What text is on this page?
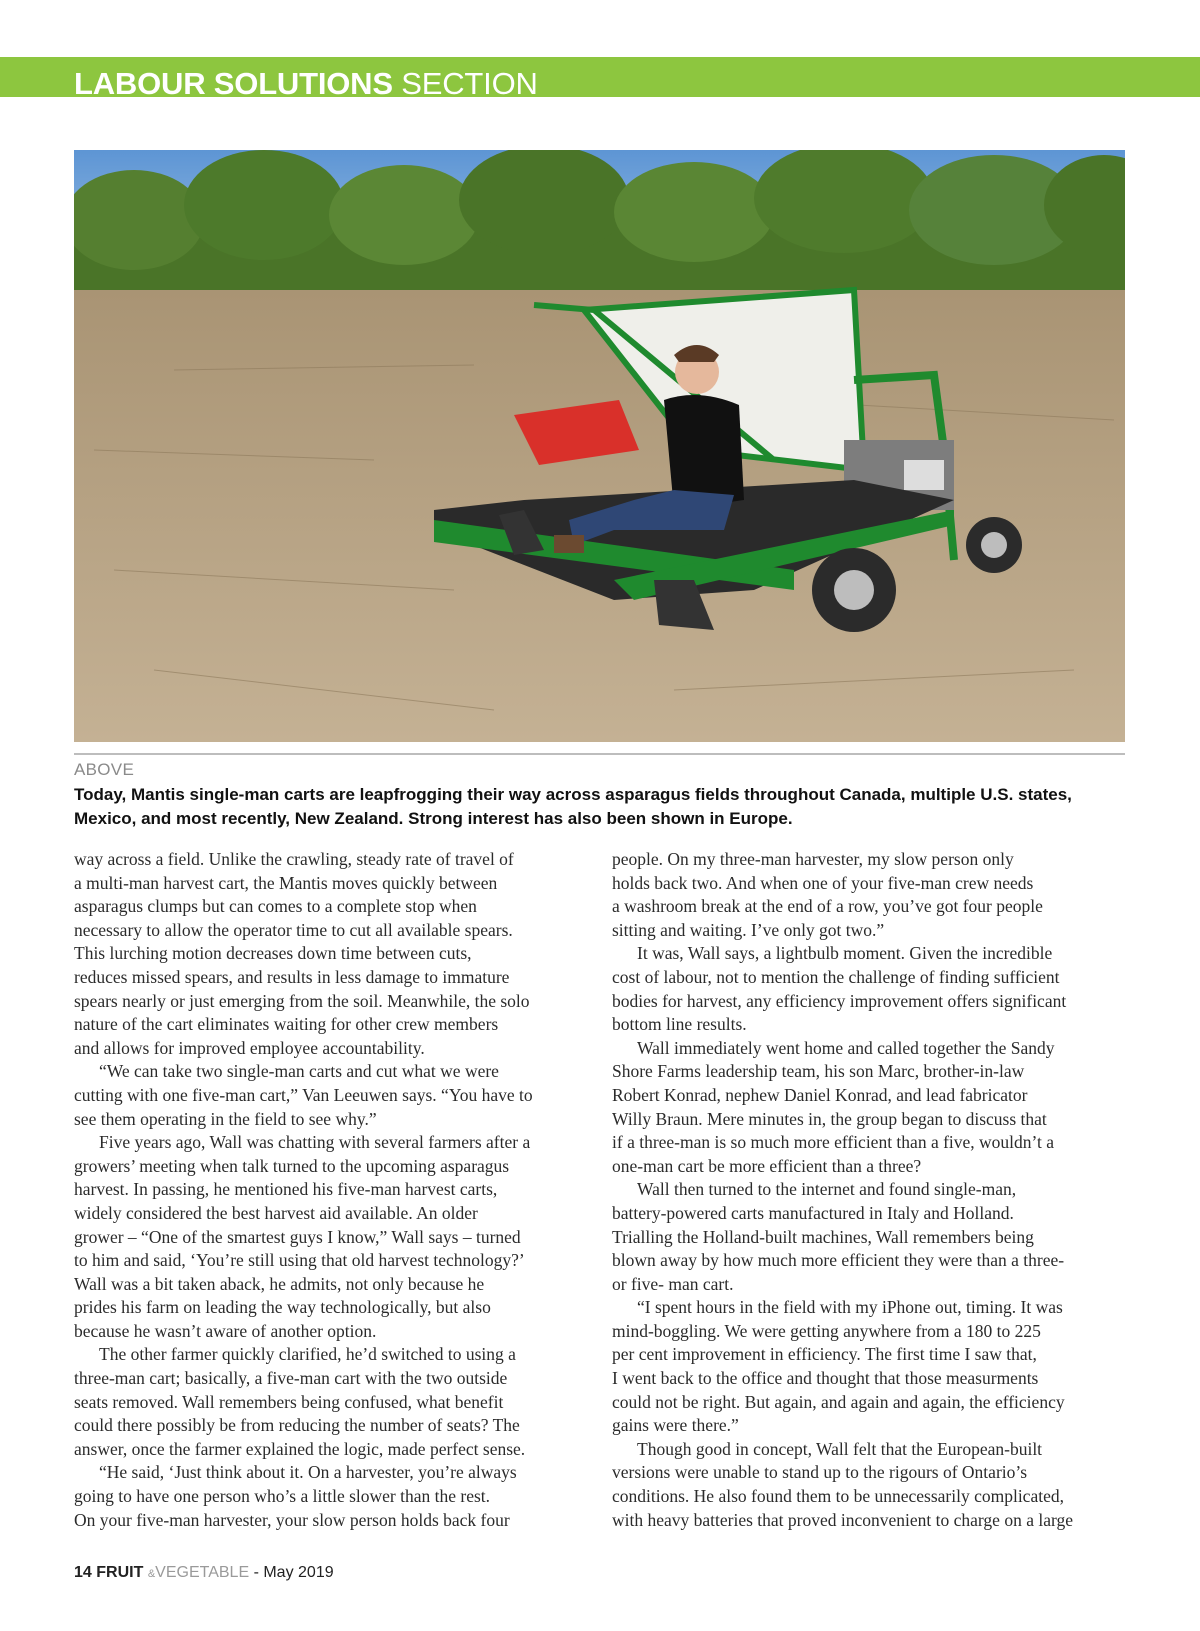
LABOUR SOLUTIONS SECTION
ABOVE
Today, Mantis single-man carts are leapfrogging their way across asparagus fields throughout Canada, multiple U.S. states, Mexico, and most recently, New Zealand. Strong interest has also been shown in Europe.

way across a field. Unlike the crawling, steady rate of travel of

a multi-man harvest cart, the Mantis moves quickly between

asparagus clumps but can comes to a complete stop when

necessary to allow the operator time to cut all available spears.

This lurching motion decreases down time between cuts,

reduces missed spears, and results in less damage to immature

spears nearly or just emerging from the soil. Meanwhile, the solo

nature of the cart eliminates waiting for other crew members

and allows for improved employee accountability.

“We can take two single-man carts and cut what we were

cutting with one five-man cart,” Van Leeuwen says. “You have to

see them operating in the field to see why.”

Five years ago, Wall was chatting with several farmers after a

growers’ meeting when talk turned to the upcoming asparagus

harvest. In passing, he mentioned his five-man harvest carts,

widely considered the best harvest aid available. An older

grower – “One of the smartest guys I know,” Wall says – turned

to him and said, ‘You’re still using that old harvest technology?’

Wall was a bit taken aback, he admits, not only because he

prides his farm on leading the way technologically, but also

because he wasn’t aware of another option.

The other farmer quickly clarified, he’d switched to using a

three-man cart; basically, a five-man cart with the two outside

seats removed. Wall remembers being confused, what benefit

could there possibly be from reducing the number of seats? The

answer, once the farmer explained the logic, made perfect sense.

“He said, ‘Just think about it. On a harvester, you’re always

going to have one person who’s a little slower than the rest.

On your five-man harvester, your slow person holds back four

people. On my three-man harvester, my slow person only

holds back two. And when one of your five-man crew needs

a washroom break at the end of a row, you’ve got four people

sitting and waiting. I’ve only got two.”

It was, Wall says, a lightbulb moment. Given the incredible

cost of labour, not to mention the challenge of finding sufficient

bodies for harvest, any efficiency improvement offers significant

bottom line results.

Wall immediately went home and called together the Sandy

Shore Farms leadership team, his son Marc, brother-in-law

Robert Konrad, nephew Daniel Konrad, and lead fabricator

Willy Braun. Mere minutes in, the group began to discuss that

if a three-man is so much more efficient than a five, wouldn’t a

one-man cart be more efficient than a three?

Wall then turned to the internet and found single-man,

battery-powered carts manufactured in Italy and Holland.

Trialling the Holland-built machines, Wall remembers being

blown away by how much more efficient they were than a three-

or five- man cart.

“I spent hours in the field with my iPhone out, timing. It was

mind-boggling. We were getting anywhere from a 180 to 225

per cent improvement in efficiency. The first time I saw that,

I went back to the office and thought that those measurments

could not be right. But again, and again and again, the efficiency

gains were there.”

Though good in concept, Wall felt that the European-built

versions were unable to stand up to the rigours of Ontario’s

conditions. He also found them to be unnecessarily complicated,

with heavy batteries that proved inconvenient to charge on a large

14 FRUIT &VEGETABLE - May 2019
